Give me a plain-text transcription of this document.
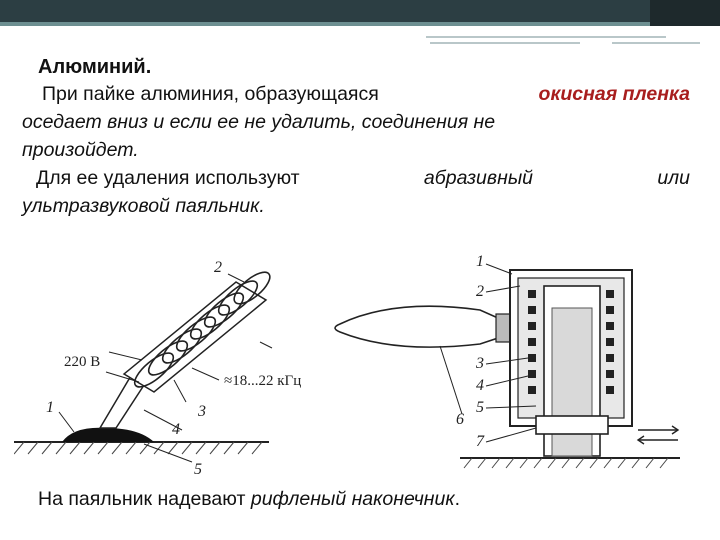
Алюминий.
При пайке алюминия, образующаяся	окисная пленка
оседает вниз и если ее не удалить, соединения не
произойдет.
Для ее удаления используют	абразивный	или
ультразвуковой паяльник.
220 В
≈18...22 кГц
1
2
3
4
5
1
2
3
4
5
6
7
На паяльник надевают рифленый наконечник.
